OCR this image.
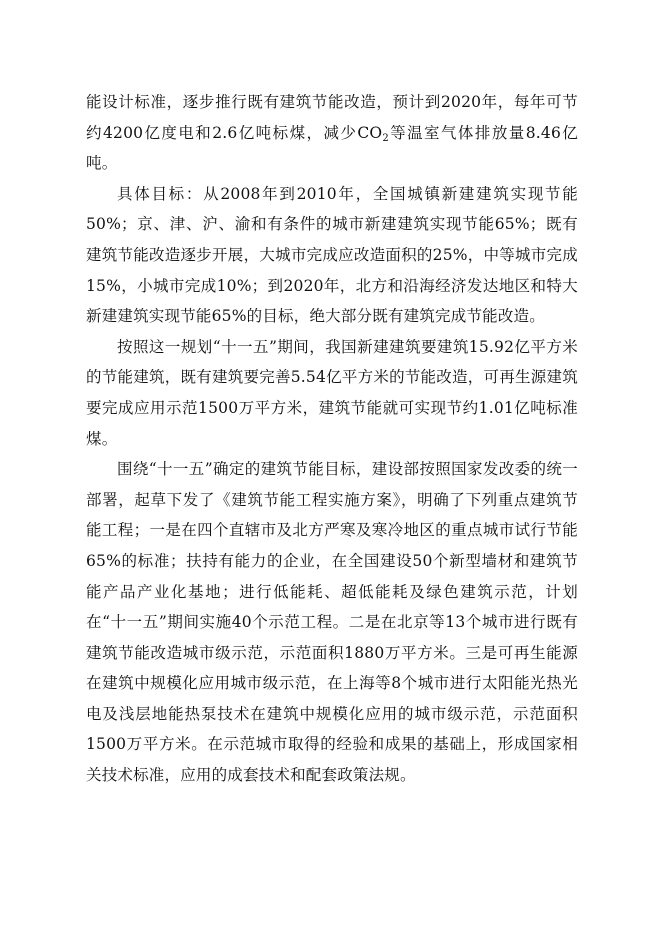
能设计标准，逐步推行既有建筑节能改造，预计到2020年，每年可节约4200亿度电和2.6亿吨标煤，减少$CO_2$等温室气体排放量8.46亿吨。

具体目标：从2008年到2010年，全国城镇新建建筑实现节能50%；京、津、沪、渝和有条件的城市新建建筑实现节能65%；既有建筑节能改造逐步开展，大城市完成应改造面积的25%，中等城市完成15%，小城市完成10%；到2020年，北方和沿海经济发达地区和特大新建建筑实现节能65%的目标，绝大部分既有建筑完成节能改造。

按照这一规划“十一五”期间，我国新建建筑要建筑15.92亿平方米的节能建筑，既有建筑要完善5.54亿平方米的节能改造，可再生源建筑要完成应用示范1500万平方米，建筑节能就可实现节约1.01亿吨标准煤。

围绕“十一五”确定的建筑节能目标，建设部按照国家发改委的统一部署，起草下发了《建筑节能工程实施方案》，明确了下列重点建筑节能工程；一是在四个直辖市及北方严寒及寒冷地区的重点城市试行节能65%的标准；扶持有能力的企业，在全国建设50个新型墙材和建筑节能产品产业化基地；进行低能耗、超低能耗及绿色建筑示范，计划在“十一五”期间实施40个示范工程。二是在北京等13个城市进行既有建筑节能改造城市级示范，示范面积1880万平方米。三是可再生能源在建筑中规模化应用城市级示范，在上海等8个城市进行太阳能光热光电及浅层地能热泵技术在建筑中规模化应用的城市级示范，示范面积1500万平方米。在示范城市取得的经验和成果的基础上，形成国家相关技术标准，应用的成套技术和配套政策法规。
